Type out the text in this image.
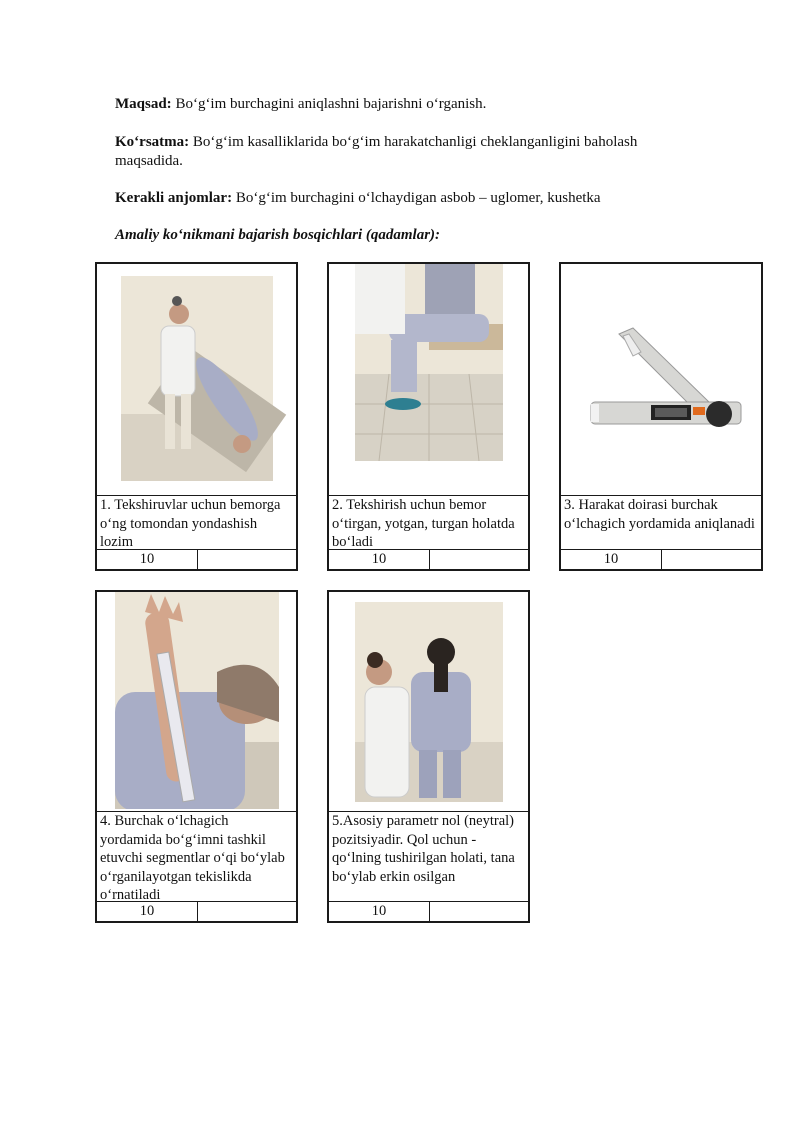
Maqsad: Bo‘g‘im burchagini aniqlashni bajarishni o‘rganish.
Ko‘rsatma: Bo‘g‘im kasalliklarida bo‘g‘im harakatchanligi cheklanganligini baholash maqsadida.
Kerakli anjomlar: Bo‘g‘im burchagini o‘lchaydigan asbob – uglomer, kushetka
Amaliy ko‘nikmani bajarish bosqichlari (qadamlar):
1. Tekshiruvlar uchun bemorga o‘ng tomondan yondashish lozim
10
2. Tekshirish uchun bemor o‘tirgan, yotgan, turgan holatda bo‘ladi
10
3. Harakat doirasi burchak o‘lchagich yordamida aniqlanadi
10
4. Burchak o‘lchagich yordamida bo‘g‘imni tashkil etuvchi segmentlar o‘qi bo‘ylab o‘rganilayotgan tekislikda o‘rnatiladi
10
5.Asosiy parametr nol (neytral) pozitsiyadir. Qol uchun - qo‘lning tushirilgan holati, tana bo‘ylab erkin osilgan
10
